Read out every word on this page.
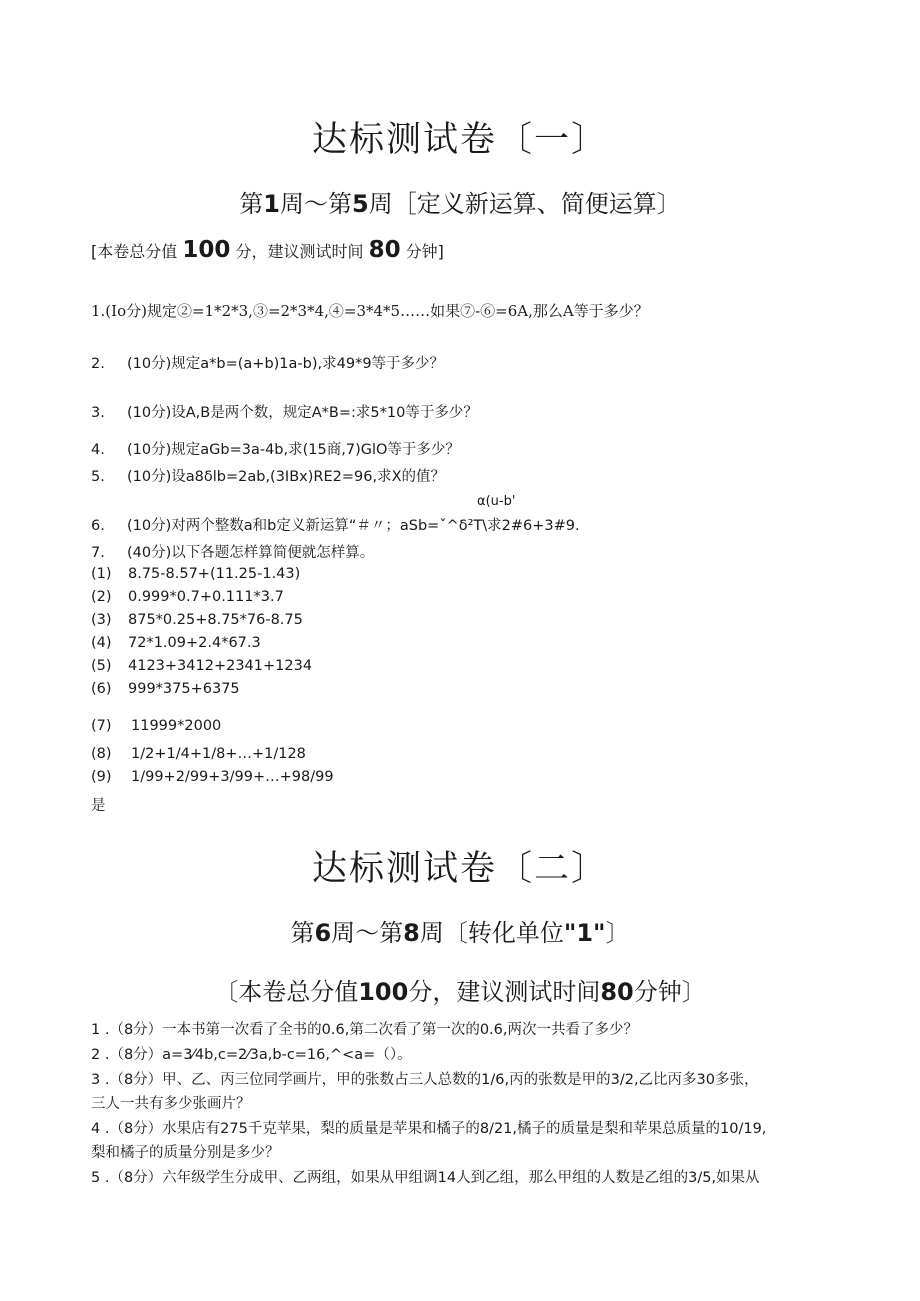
达标测试卷〔一〕
第1周〜第5周［定义新运算、简便运算〕
[本卷总分值 100 分，建议测试时间 80 分钟]
1.(Io分)规定②=1*2*3,③=2*3*4,④=3*4*5……如果⑦-⑥=6A,那么A等于多少？
2. (10分)规定a*b=(a+b)1a-b),求49*9等于多少？
3. (10分)设A,B是两个数，规定A*B=:求5*10等于多少？
4. (10分)规定aGb=3a-4b,求(15商,7)GlO等于多少？
5. (10分)设a8δlb=2ab,(3IBx)RE2=96,求X的值？
α(u-b'
6. (10分)对两个整数a和b定义新运算“＃〃；aSb=ˇ^δ²T\求2#6+3#9.
7. (40分)以下各题怎样算简便就怎样算。
(1) 8.75-8.57+(11.25-1.43)
(2) 0.999*0.7+0.111*3.7
(3) 875*0.25+8.75*76-8.75
(4) 72*1.09+2.4*67.3
(5) 4123+3412+2341+1234
(6) 999*375+6375
(7) 11999*2000
(8) 1/2+1/4+1/8+…+1/128
(9) 1/99+2/99+3/99+…+98/99
是
达标测试卷〔二〕
第6周〜第8周〔转化单位"1"〕
〔本卷总分值100分，建议测试时间80分钟〕
1 .（8分）一本书第一次看了全书的0.6,第二次看了第一次的0.6,两次一共看了多少？
2 .（8分）a=3⁄4b,c=2⁄3a,b-c=16,^<a=（）。
3 .（8分）甲、乙、丙三位同学画片，甲的张数占三人总数的1/6,丙的张数是甲的3/2,乙比丙多30多张，
三人一共有多少张画片？
4 .（8分）水果店有275千克苹果，梨的质量是苹果和橘子的8/21,橘子的质量是梨和苹果总质量的10/19,
梨和橘子的质量分别是多少？
5 .（8分）六年级学生分成甲、乙两组，如果从甲组调14人到乙组，那么甲组的人数是乙组的3/5,如果从
